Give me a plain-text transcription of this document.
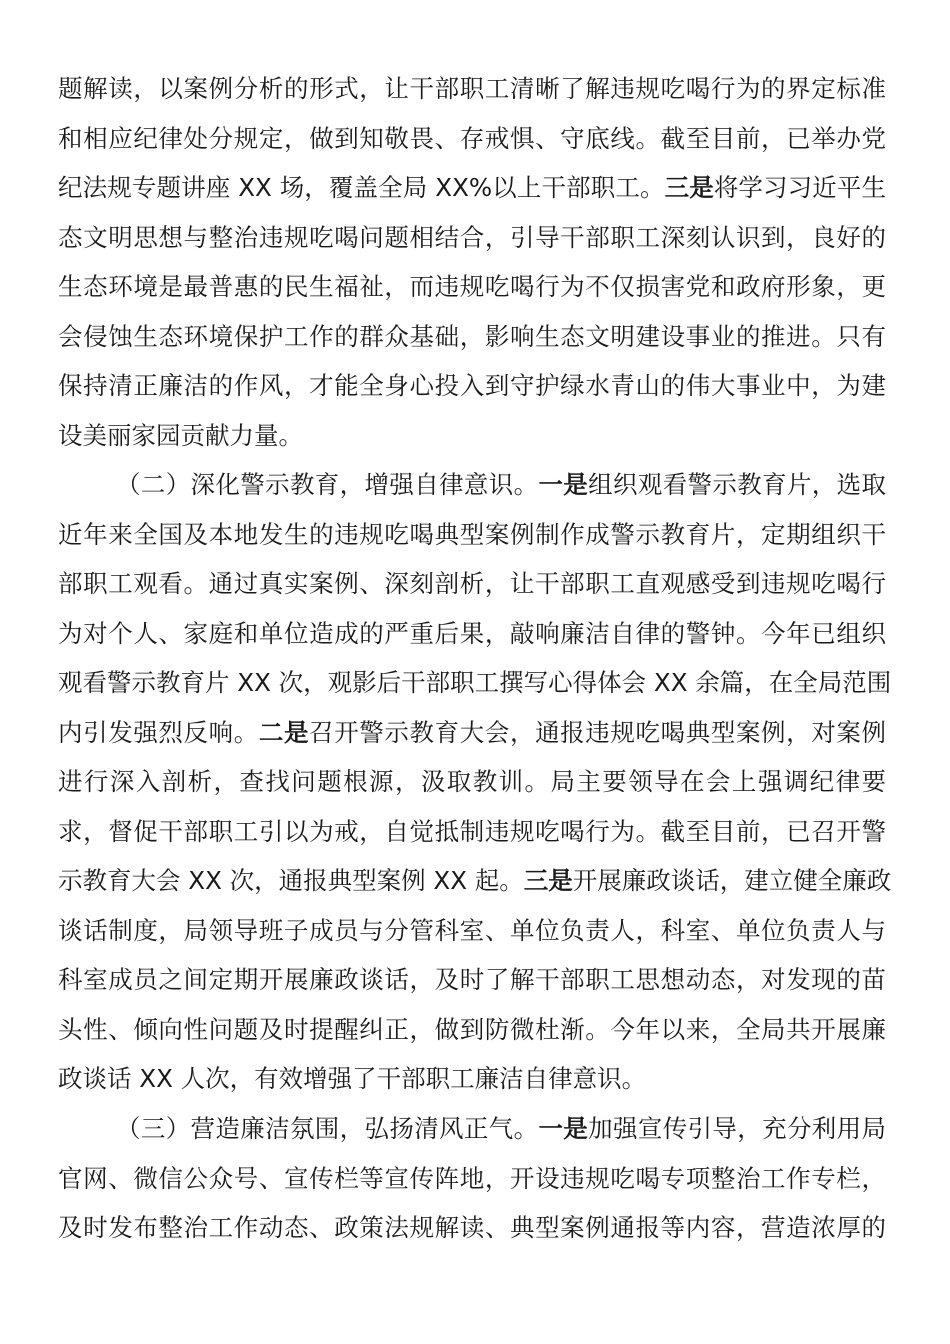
题解读，以案例分析的形式，让干部职工清晰了解违规吃喝行为的界定标准
和相应纪律处分规定，做到知敬畏、存戒惧、守底线。截至目前，已举办党
纪法规专题讲座 XX 场，覆盖全局 XX%以上干部职工。三是将学习习近平生
态文明思想与整治违规吃喝问题相结合，引导干部职工深刻认识到，良好的
生态环境是最普惠的民生福祉，而违规吃喝行为不仅损害党和政府形象，更
会侵蚀生态环境保护工作的群众基础，影响生态文明建设事业的推进。只有
保持清正廉洁的作风，才能全身心投入到守护绿水青山的伟大事业中，为建
设美丽家园贡献力量。
（二）深化警示教育，增强自律意识。一是组织观看警示教育片，选取
近年来全国及本地发生的违规吃喝典型案例制作成警示教育片，定期组织干
部职工观看。通过真实案例、深刻剖析，让干部职工直观感受到违规吃喝行
为对个人、家庭和单位造成的严重后果，敲响廉洁自律的警钟。今年已组织
观看警示教育片 XX 次，观影后干部职工撰写心得体会 XX 余篇，在全局范围
内引发强烈反响。二是召开警示教育大会，通报违规吃喝典型案例，对案例
进行深入剖析，查找问题根源，汲取教训。局主要领导在会上强调纪律要
求，督促干部职工引以为戒，自觉抵制违规吃喝行为。截至目前，已召开警
示教育大会 XX 次，通报典型案例 XX 起。三是开展廉政谈话，建立健全廉政
谈话制度，局领导班子成员与分管科室、单位负责人，科室、单位负责人与
科室成员之间定期开展廉政谈话，及时了解干部职工思想动态，对发现的苗
头性、倾向性问题及时提醒纠正，做到防微杜渐。今年以来，全局共开展廉
政谈话 XX 人次，有效增强了干部职工廉洁自律意识。
（三）营造廉洁氛围，弘扬清风正气。一是加强宣传引导，充分利用局
官网、微信公众号、宣传栏等宣传阵地，开设违规吃喝专项整治工作专栏，
及时发布整治工作动态、政策法规解读、典型案例通报等内容，营造浓厚的
